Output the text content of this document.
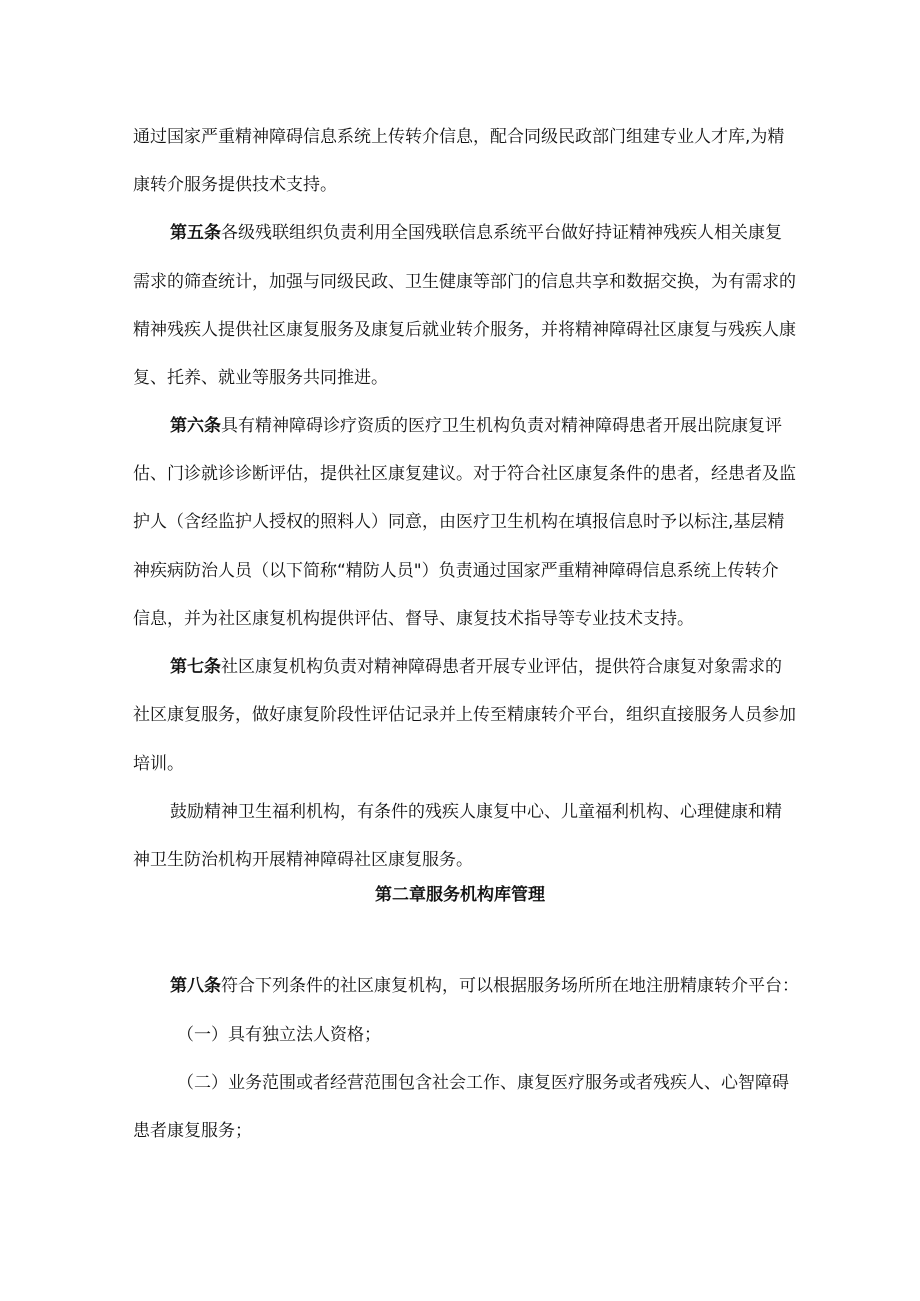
通过国家严重精神障碍信息系统上传转介信息，配合同级民政部门组建专业人才库,为精
康转介服务提供技术支持。
第五条各级残联组织负责利用全国残联信息系统平台做好持证精神残疾人相关康复
需求的筛查统计，加强与同级民政、卫生健康等部门的信息共享和数据交换，为有需求的
精神残疾人提供社区康复服务及康复后就业转介服务，并将精神障碍社区康复与残疾人康
复、托养、就业等服务共同推进。
第六条具有精神障碍诊疗资质的医疗卫生机构负责对精神障碍患者开展出院康复评
估、门诊就诊诊断评估，提供社区康复建议。对于符合社区康复条件的患者，经患者及监
护人（含经监护人授权的照料人）同意，由医疗卫生机构在填报信息时予以标注,基层精
神疾病防治人员（以下简称“精防人员"）负责通过国家严重精神障碍信息系统上传转介
信息，并为社区康复机构提供评估、督导、康复技术指导等专业技术支持。
第七条社区康复机构负责对精神障碍患者开展专业评估，提供符合康复对象需求的
社区康复服务，做好康复阶段性评估记录并上传至精康转介平台，组织直接服务人员参加
培训。
鼓励精神卫生福利机构，有条件的残疾人康复中心、儿童福利机构、心理健康和精
神卫生防治机构开展精神障碍社区康复服务。
第二章服务机构库管理
第八条符合下列条件的社区康复机构，可以根据服务场所所在地注册精康转介平台：
（一）具有独立法人资格；
（二）业务范围或者经营范围包含社会工作、康复医疗服务或者残疾人、心智障碍
患者康复服务；
